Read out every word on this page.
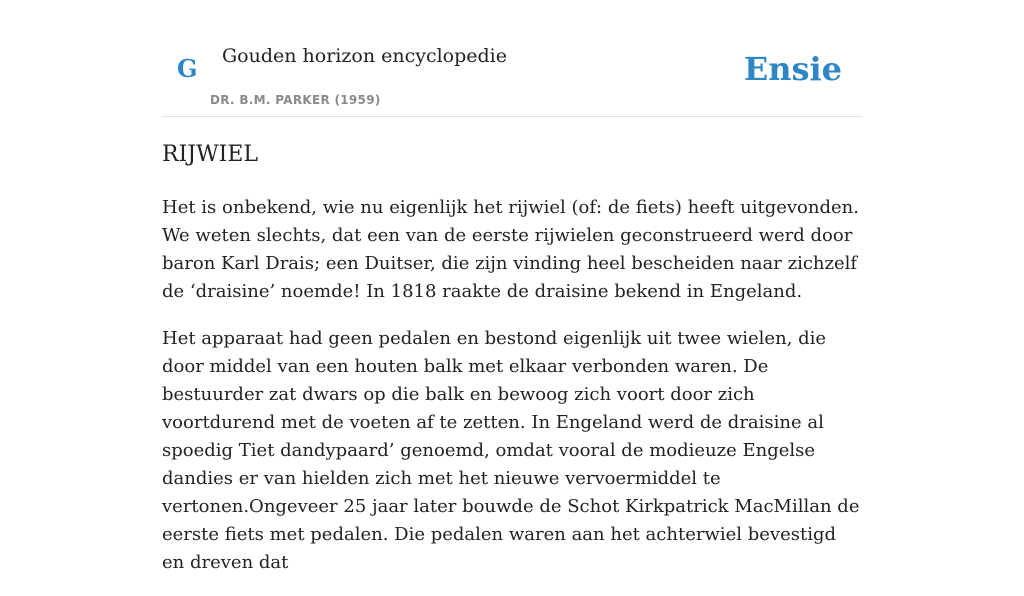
G Gouden horizon encyclopedie
DR. B.M. PARKER (1959)
Ensie
RIJWIEL

Het is onbekend, wie nu eigenlijk het rijwiel (of: de fiets) heeft uitgevonden. We weten slechts, dat een van de eerste rijwielen geconstrueerd werd door baron Karl Drais; een Duitser, die zijn vinding heel bescheiden naar zichzelf de ‘draisine’ noemde! In 1818 raakte de draisine bekend in Engeland.

Het apparaat had geen pedalen en bestond eigenlijk uit twee wielen, die door middel van een houten balk met elkaar verbonden waren. De bestuurder zat dwars op die balk en bewoog zich voort door zich voortdurend met de voeten af te zetten. In Engeland werd de draisine al spoedig Tiet dandypaard’ genoemd, omdat vooral de modieuze Engelse dandies er van hielden zich met het nieuwe vervoermiddel te vertonen.Ongeveer 25 jaar later bouwde de Schot Kirkpatrick MacMillan de eerste fiets met pedalen. Die pedalen waren aan het achterwiel bevestigd en dreven dat
